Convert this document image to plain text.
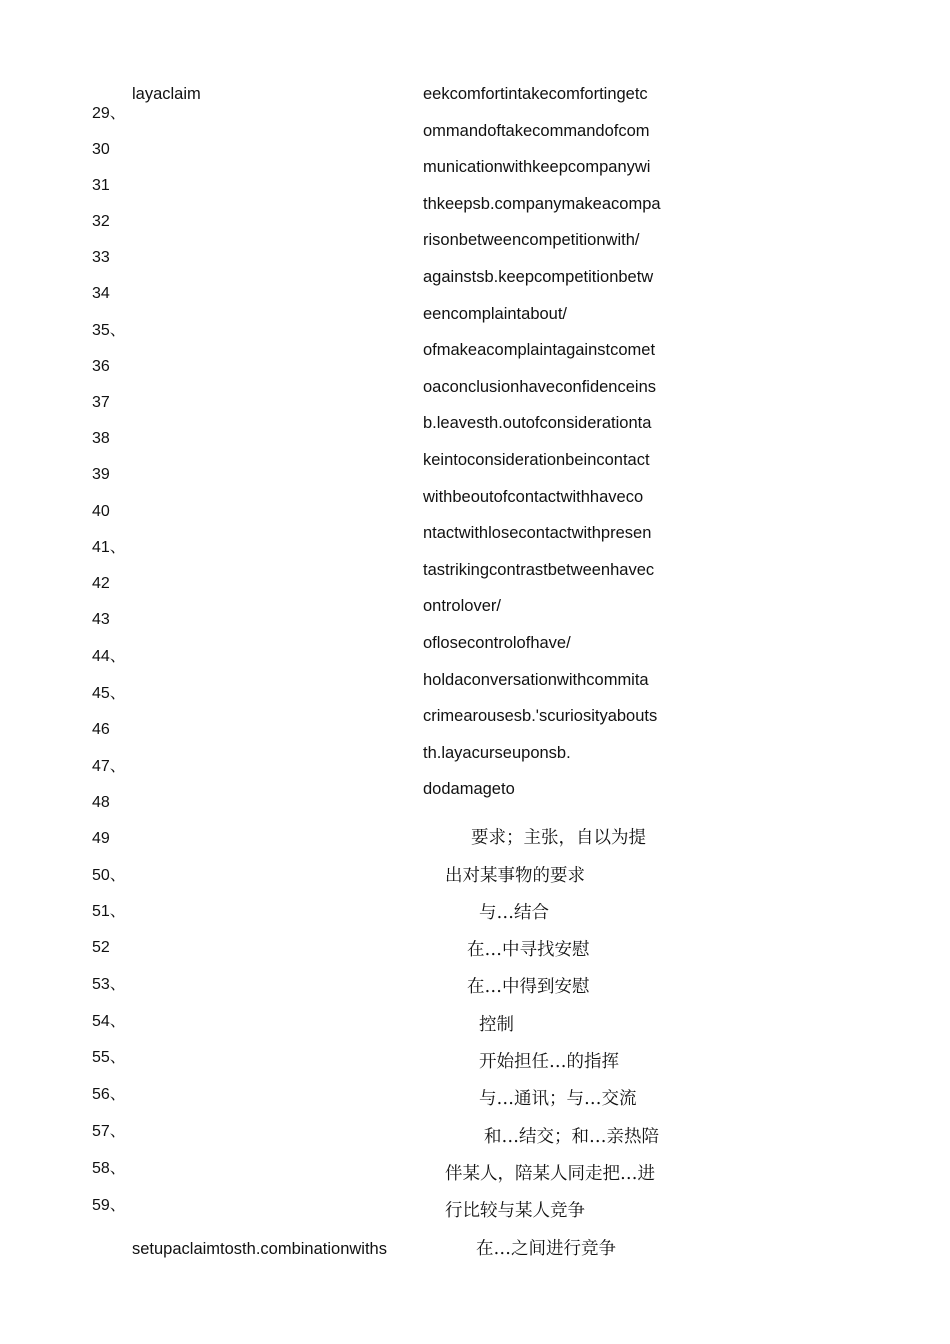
29、
30
31
32
33
34
35、
36
37
38
39
40
41、
42
43
44、
45、
46
47、
48
49
50、
51、
52
53、
54、
55、
56、
57、
58、
59、
layaclaim
setupaclaimtosth.combinationwiths
eekcomfortintakecomfortingetc
ommandoftakecommandofcom
municationwithkeepcompanywi
thkeepsb.companymakeacompa
risonbetweencompetitionwith/
againstsb.keepcompetitionbetw
eencomplaintabout/
ofmakeacomplaintagainstcomet
oaconclusionhaveconfidenceins
b.leavesth.outofconsiderationta
keintoconsiderationbeincontact
withbeoutofcontactwithhaveco
ntactwithlosecontactwithpresen
tastrikingcontrastbetweenhavec
ontrolover/
oflosecontrolofhave/
holdaconversationwithcommita
crimearousesb.'scuriosityabouts
th.layacurseuponsb.
dodamageto
要求；主张，自以为提
出对某事物的要求
与…结合
在…中寻找安慰
在…中得到安慰
控制
开始担任…的指挥
与…通讯；与…交流
和…结交；和…亲热陪
伴某人，陪某人同走把…进
行比较与某人竞争
在…之间进行竞争
